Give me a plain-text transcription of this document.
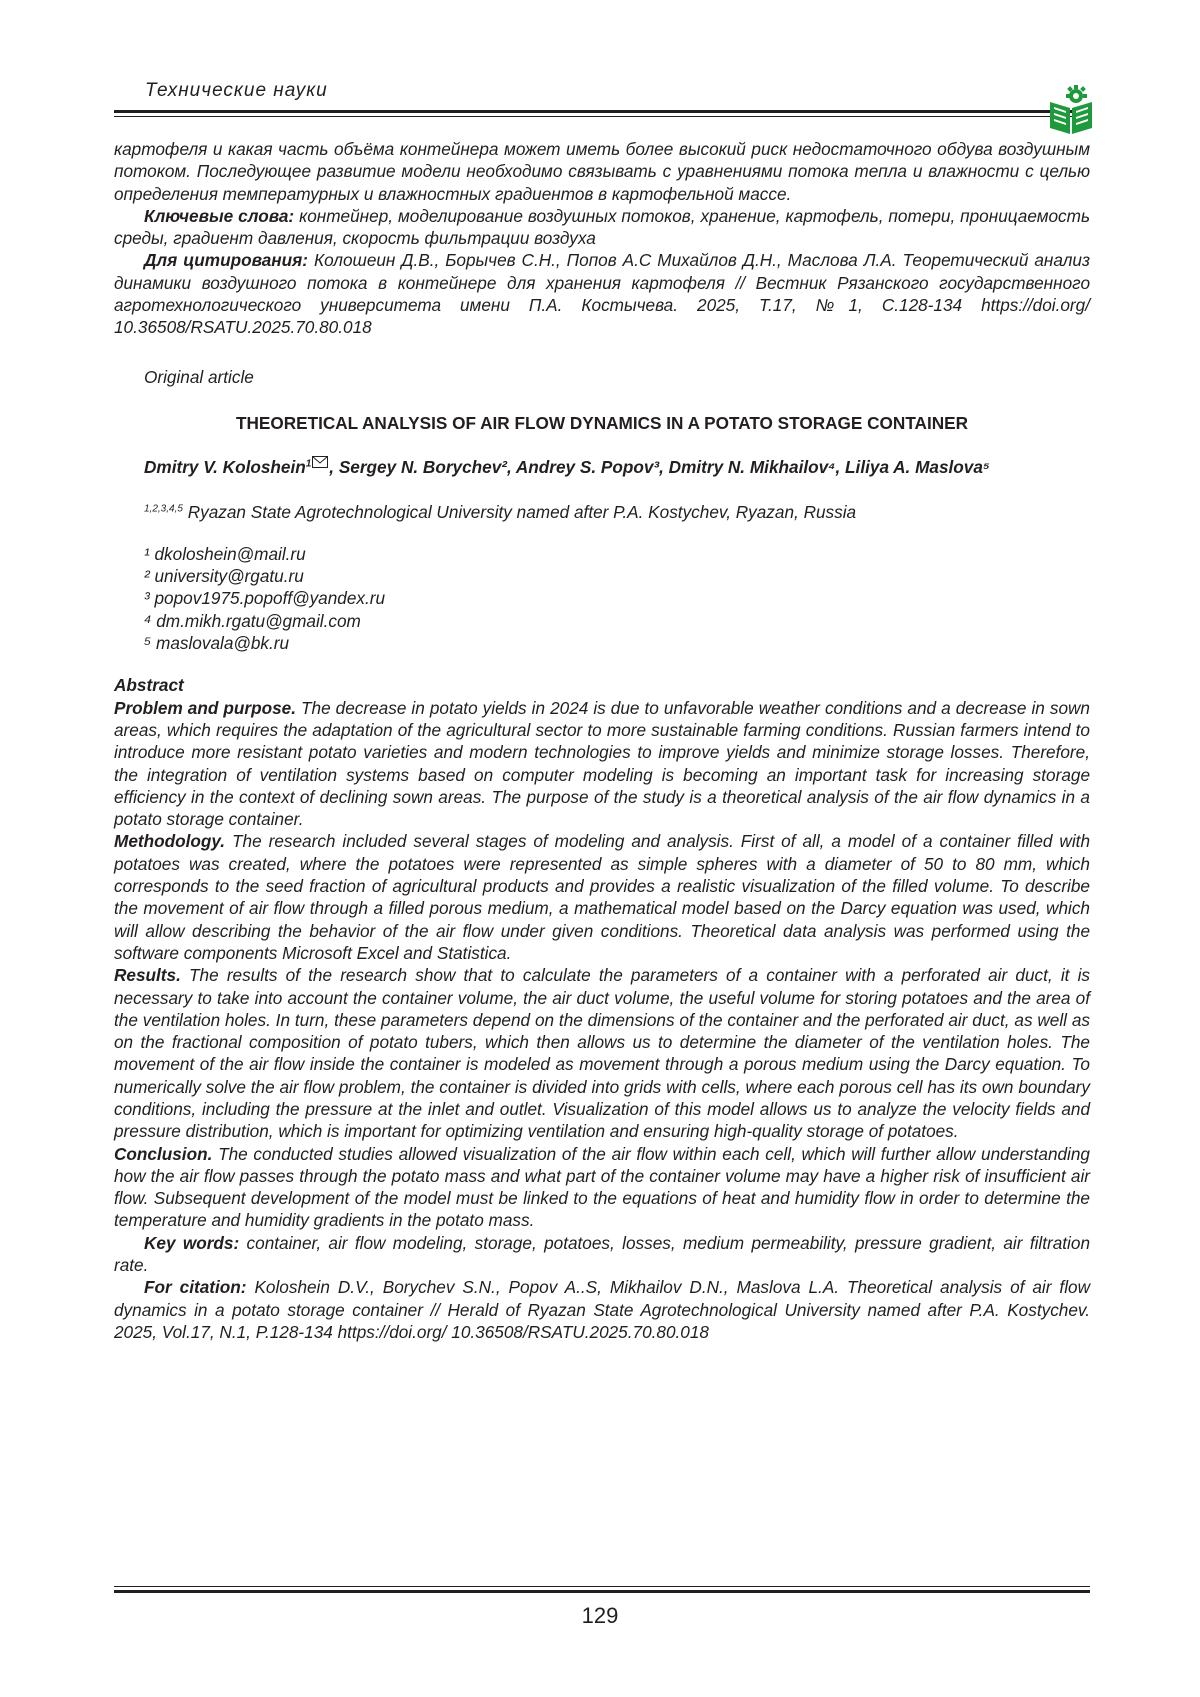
Технические науки

картофеля и какая часть объёма контейнера может иметь более высокий риск недостаточного обдува воздушным потоком. Последующее развитие модели необходимо связывать с уравнениями потока тепла и влажности с целью определения температурных и влажностных градиентов в картофельной массе.

Ключевые слова: контейнер, моделирование воздушных потоков, хранение, картофель, потери, проницаемость среды, градиент давления, скорость фильтрации воздуха

Для цитирования: Колошеин Д.В., Борычев С.Н., Попов А.С Михайлов Д.Н., Маслова Л.А. Теоретический анализ динамики воздушного потока в контейнере для хранения картофеля // Вестник Рязанского государственного агротехнологического университета имени П.А. Костычева. 2025, Т.17, №1, С.128-134 https://doi.org/ 10.36508/RSATU.2025.70.80.018

Original article

THEORETICAL ANALYSIS OF AIR FLOW DYNAMICS IN A POTATO STORAGE CONTAINER

Dmitry V. Koloshein$^1$ , Sergey N. Borychev², Andrey S. Popov³, Dmitry N. Mikhailov⁴, Liliya A. Maslova⁵

$^{1,2,3,4,5}$ Ryazan State Agrotechnological University named after P.A. Kostychev, Ryazan, Russia

¹ dkoloshein@mail.ru
² university@rgatu.ru
³ popov1975.popoff@yandex.ru
⁴ dm.mikh.rgatu@gmail.com
⁵ maslovala@bk.ru

Abstract

Problem and purpose. The decrease in potato yields in 2024 is due to unfavorable weather conditions and a decrease in sown areas, which requires the adaptation of the agricultural sector to more sustainable farming conditions. Russian farmers intend to introduce more resistant potato varieties and modern technologies to improve yields and minimize storage losses. Therefore, the integration of ventilation systems based on computer modeling is becoming an important task for increasing storage efficiency in the context of declining sown areas. The purpose of the study is a theoretical analysis of the air flow dynamics in a potato storage container.

Methodology. The research included several stages of modeling and analysis. First of all, a model of a container filled with potatoes was created, where the potatoes were represented as simple spheres with a diameter of 50 to 80 mm, which corresponds to the seed fraction of agricultural products and provides a realistic visualization of the filled volume. To describe the movement of air flow through a filled porous medium, a mathematical model based on the Darcy equation was used, which will allow describing the behavior of the air flow under given conditions. Theoretical data analysis was performed using the software components Microsoft Excel and Statistica.

Results. The results of the research show that to calculate the parameters of a container with a perforated air duct, it is necessary to take into account the container volume, the air duct volume, the useful volume for storing potatoes and the area of the ventilation holes. In turn, these parameters depend on the dimensions of the container and the perforated air duct, as well as on the fractional composition of potato tubers, which then allows us to determine the diameter of the ventilation holes. The movement of the air flow inside the container is modeled as movement through a porous medium using the Darcy equation. To numerically solve the air flow problem, the container is divided into grids with cells, where each porous cell has its own boundary conditions, including the pressure at the inlet and outlet. Visualization of this model allows us to analyze the velocity fields and pressure distribution, which is important for optimizing ventilation and ensuring high-quality storage of potatoes.

Conclusion. The conducted studies allowed visualization of the air flow within each cell, which will further allow understanding how the air flow passes through the potato mass and what part of the container volume may have a higher risk of insufficient air flow. Subsequent development of the model must be linked to the equations of heat and humidity flow in order to determine the temperature and humidity gradients in the potato mass.

Key words: container, air flow modeling, storage, potatoes, losses, medium permeability, pressure gradient, air filtration rate.

For citation: Koloshein D.V., Borychev S.N., Popov A..S, Mikhailov D.N., Maslova L.A. Theoretical analysis of air flow dynamics in a potato storage container // Herald of Ryazan State Agrotechnological University named after P.A. Kostychev. 2025, Vol.17, N.1, P.128-134 https://doi.org/ 10.36508/RSATU.2025.70.80.018

129
